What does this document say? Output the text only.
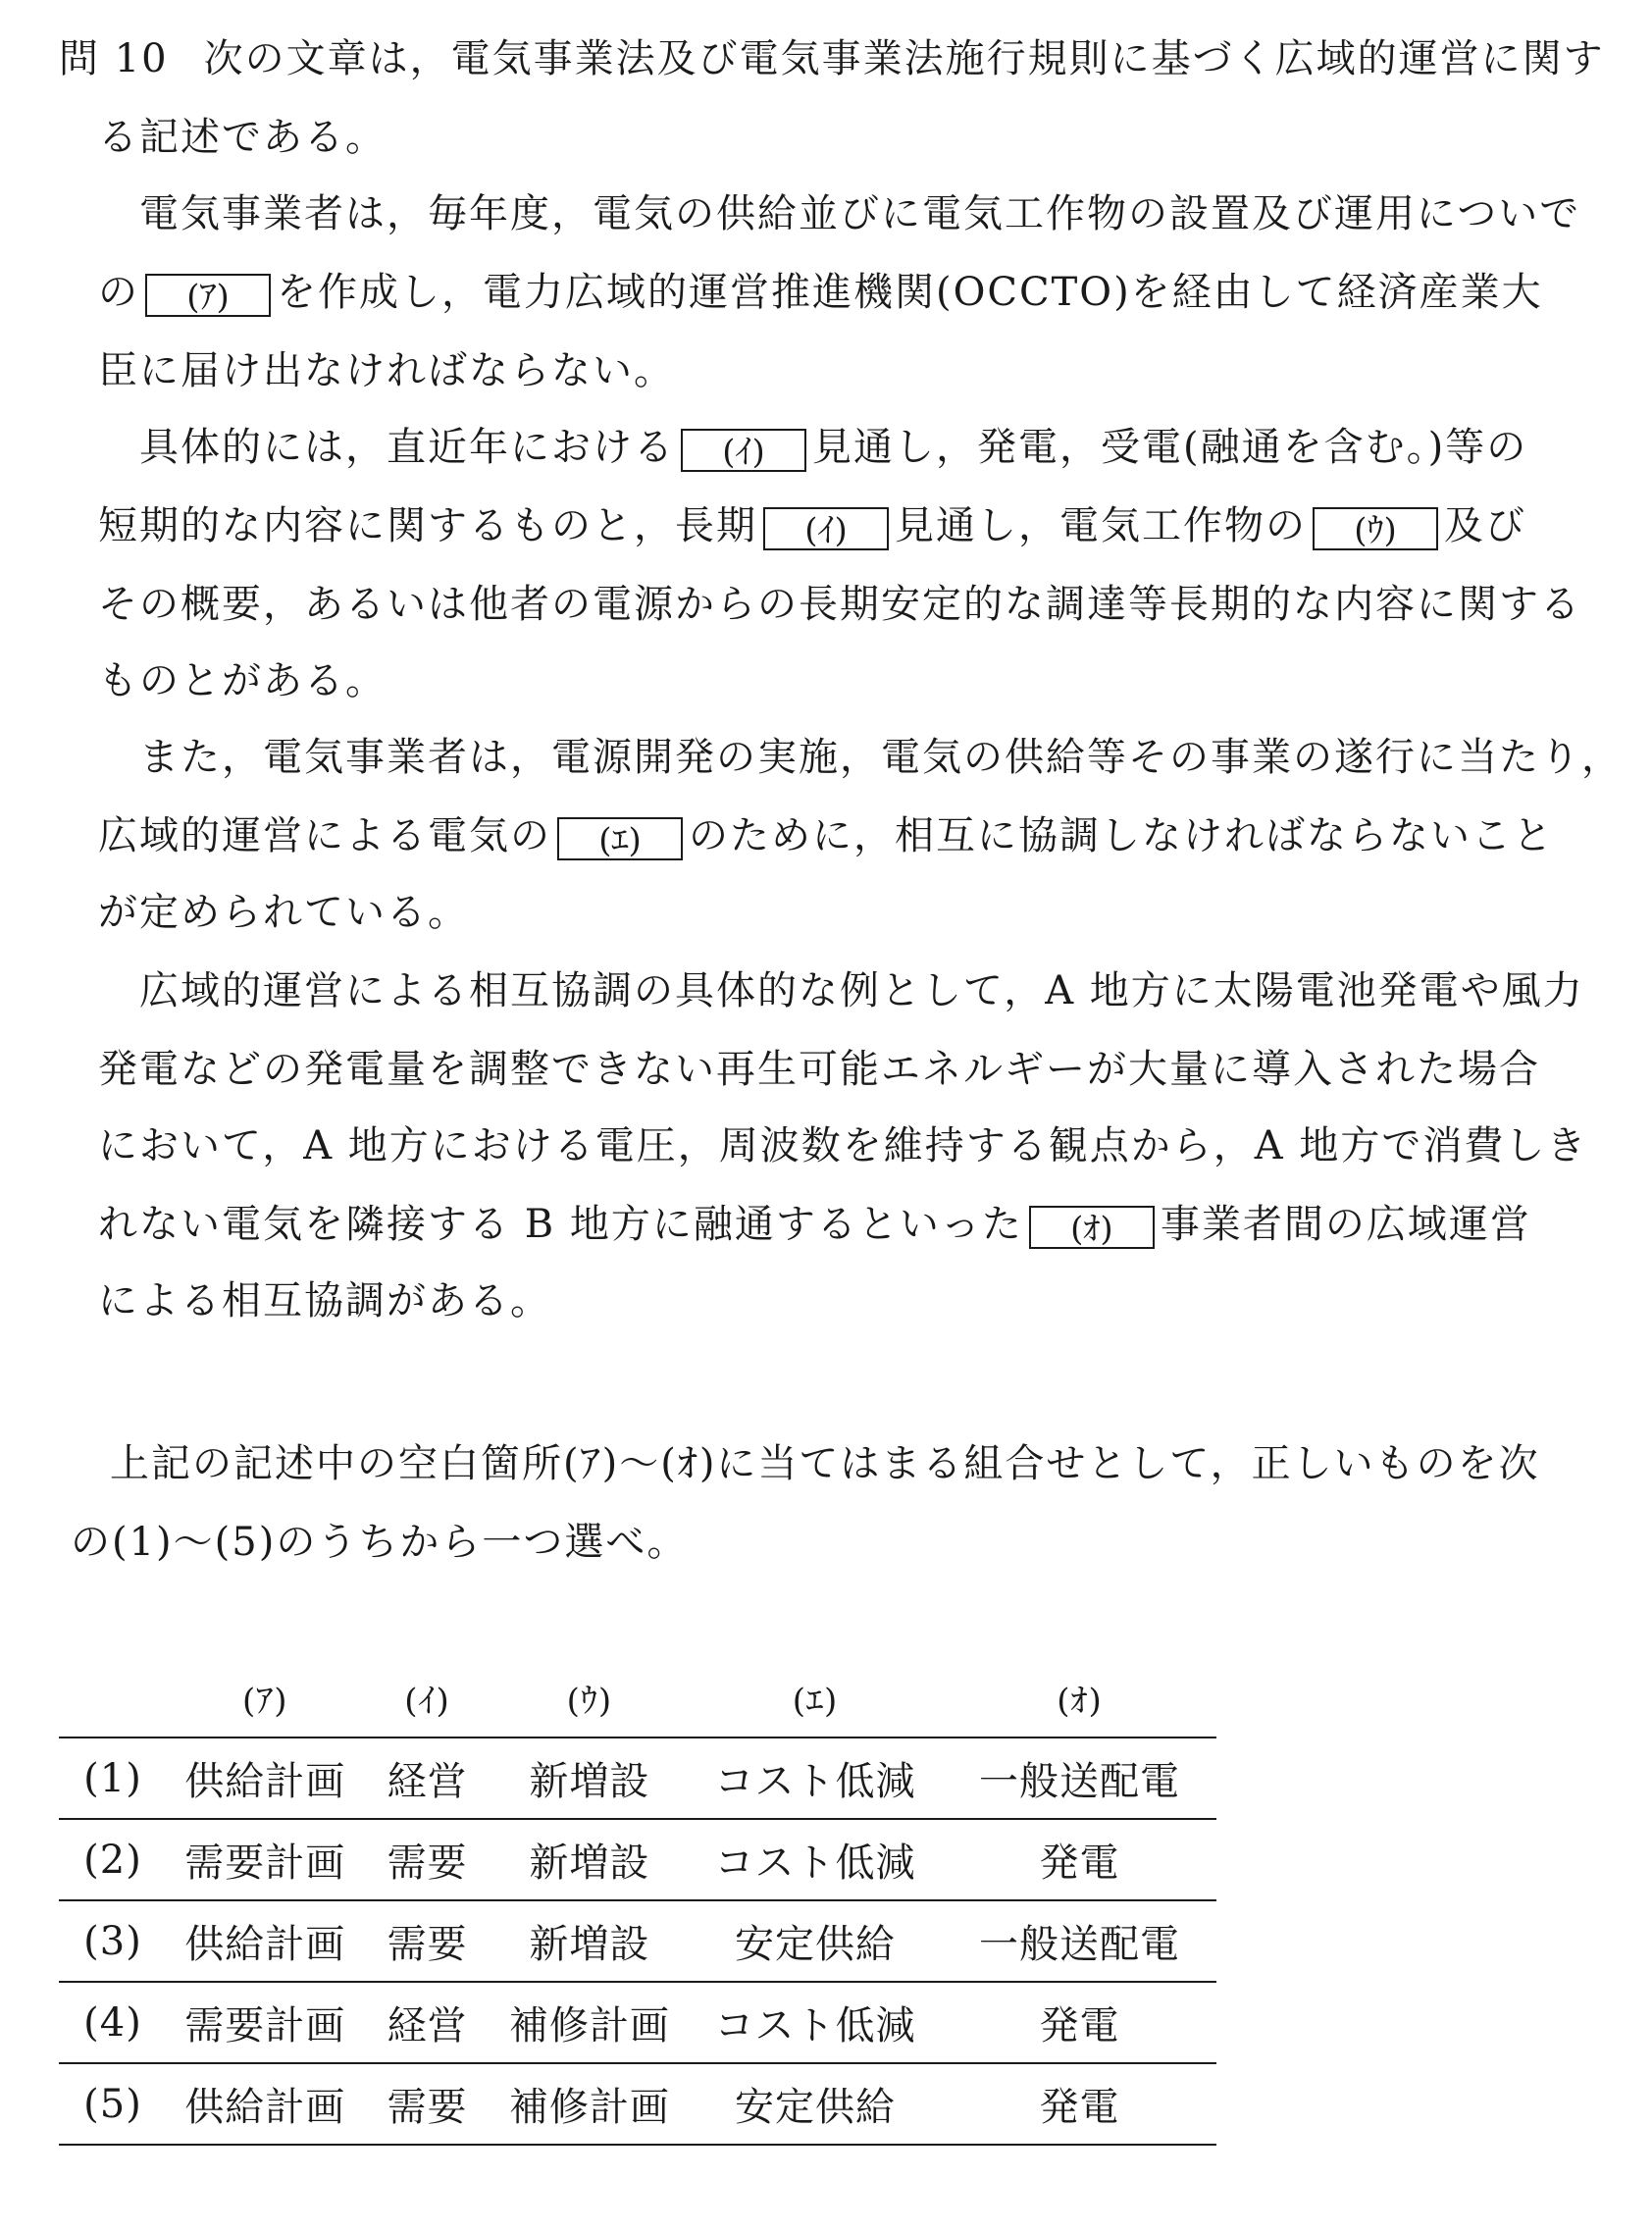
問 10 次の文章は，電気事業法及び電気事業法施行規則に基づく広域的運営に関す
る記述である。
電気事業者は，毎年度，電気の供給並びに電気工作物の設置及び運用についで
の (ｱ) を作成し，電力広域的運営推進機関(OCCTO)を経由して経済産業大
臣に届け出なければならない。
具体的には，直近年における (ｲ) 見通し，発電，受電(融通を含む。)等の
短期的な内容に関するものと，長期 (ｲ) 見通し，電気工作物の (ｳ) 及び
その概要，あるいは他者の電源からの長期安定的な調達等長期的な内容に関する
ものとがある。
また，電気事業者は，電源開発の実施，電気の供給等その事業の遂行に当たり，
広域的運営による電気の (ｴ) のために，相互に協調しなければならないこと
が定められている。
広域的運営による相互協調の具体的な例として，A 地方に太陽電池発電や風力
発電などの発電量を調整できない再生可能エネルギーが大量に導入された場合
において，A 地方における電圧，周波数を維持する観点から，A 地方で消費しき
れない電気を隣接する B 地方に融通するといった (ｵ) 事業者間の広域運営
による相互協調がある。
上記の記述中の空白箇所(ｱ)〜(ｵ)に当てはまる組合せとして，正しいものを次
の(1)〜(5)のうちから一つ選べ。
	(ｱ)	(ｲ)	(ｳ)	(ｴ)	(ｵ)
(1)	供給計画	経営	新増設	コスト低減	一般送配電
(2)	需要計画	需要	新増設	コスト低減	発電
(3)	供給計画	需要	新増設	安定供給	一般送配電
(4)	需要計画	経営	補修計画	コスト低減	発電
(5)	供給計画	需要	補修計画	安定供給	発電
